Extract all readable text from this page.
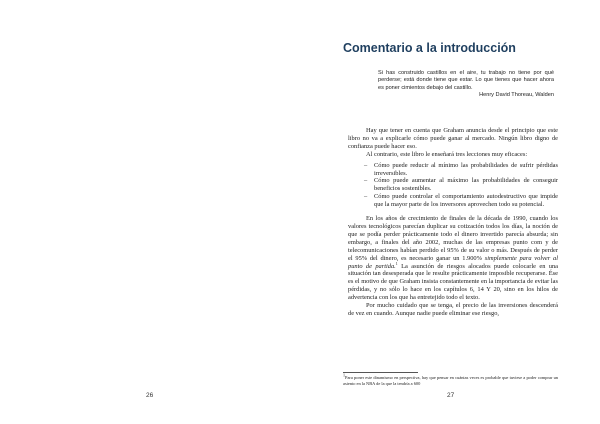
26
Comentario a la introducción
Si has construido castillos en el aire, tu trabajo no tiene por qué perderse; está donde tiene que estar. Lo que tienes que hacer ahora es poner cimientos debajo del castillo.
Henry David Thoreau, Walden

Hay que tener en cuenta que Graham anuncia desde el principio que este libro no va a explicarle cómo puede ganar al mercado. Ningún libro digno de confianza puede hacer eso.

Al contrario, este libro le enseñará tres lecciones muy eficaces:

– Cómo puede reducir al mínimo las probabilidades de sufrir pérdidas irreversibles.
– Cómo puede aumentar al máximo las probabilidades de conseguir beneficios sostenibles.
– Cómo puede controlar el comportamiento autodestructivo que impide que la mayor parte de los inversores aprovechen todo su potencial.

En los años de crecimiento de finales de la década de 1990, cuando los valores tecnológicos parecían duplicar su cotización todos los días, la noción de que se podía perder prácticamente todo el dinero invertido parecía absurda; sin embargo, a finales del año 2002, muchas de las empresas punto com y de telecomunicaciones habían perdido el 95% de su valor o más. Después de perder el 95% del dinero, es necesario ganar un 1.900% simplemente para volver al punto de partida.$^1$ La asunción de riesgos alocados puede colocarle en una situación tan desesperada que le resulte prácticamente imposible recuperarse. Ése es el motivo de que Graham insista constantemente en la importancia de evitar las pérdidas, y no sólo lo hace en los capítulos 6, 14 Y 20, sino en los hilos de advertencia con los que ha entretejido todo el texto.

Por mucho cuidado que se tenga, el precio de las inversiones descenderá de vez en cuando. Aunque nadie puede eliminar ese riesgo,

1Para poner este dinamismo en perspectiva, hay que pensar en cuántas veces es probable que tuviese a poder comprar un asiento en la NBA de la que la tendría a 600
27
